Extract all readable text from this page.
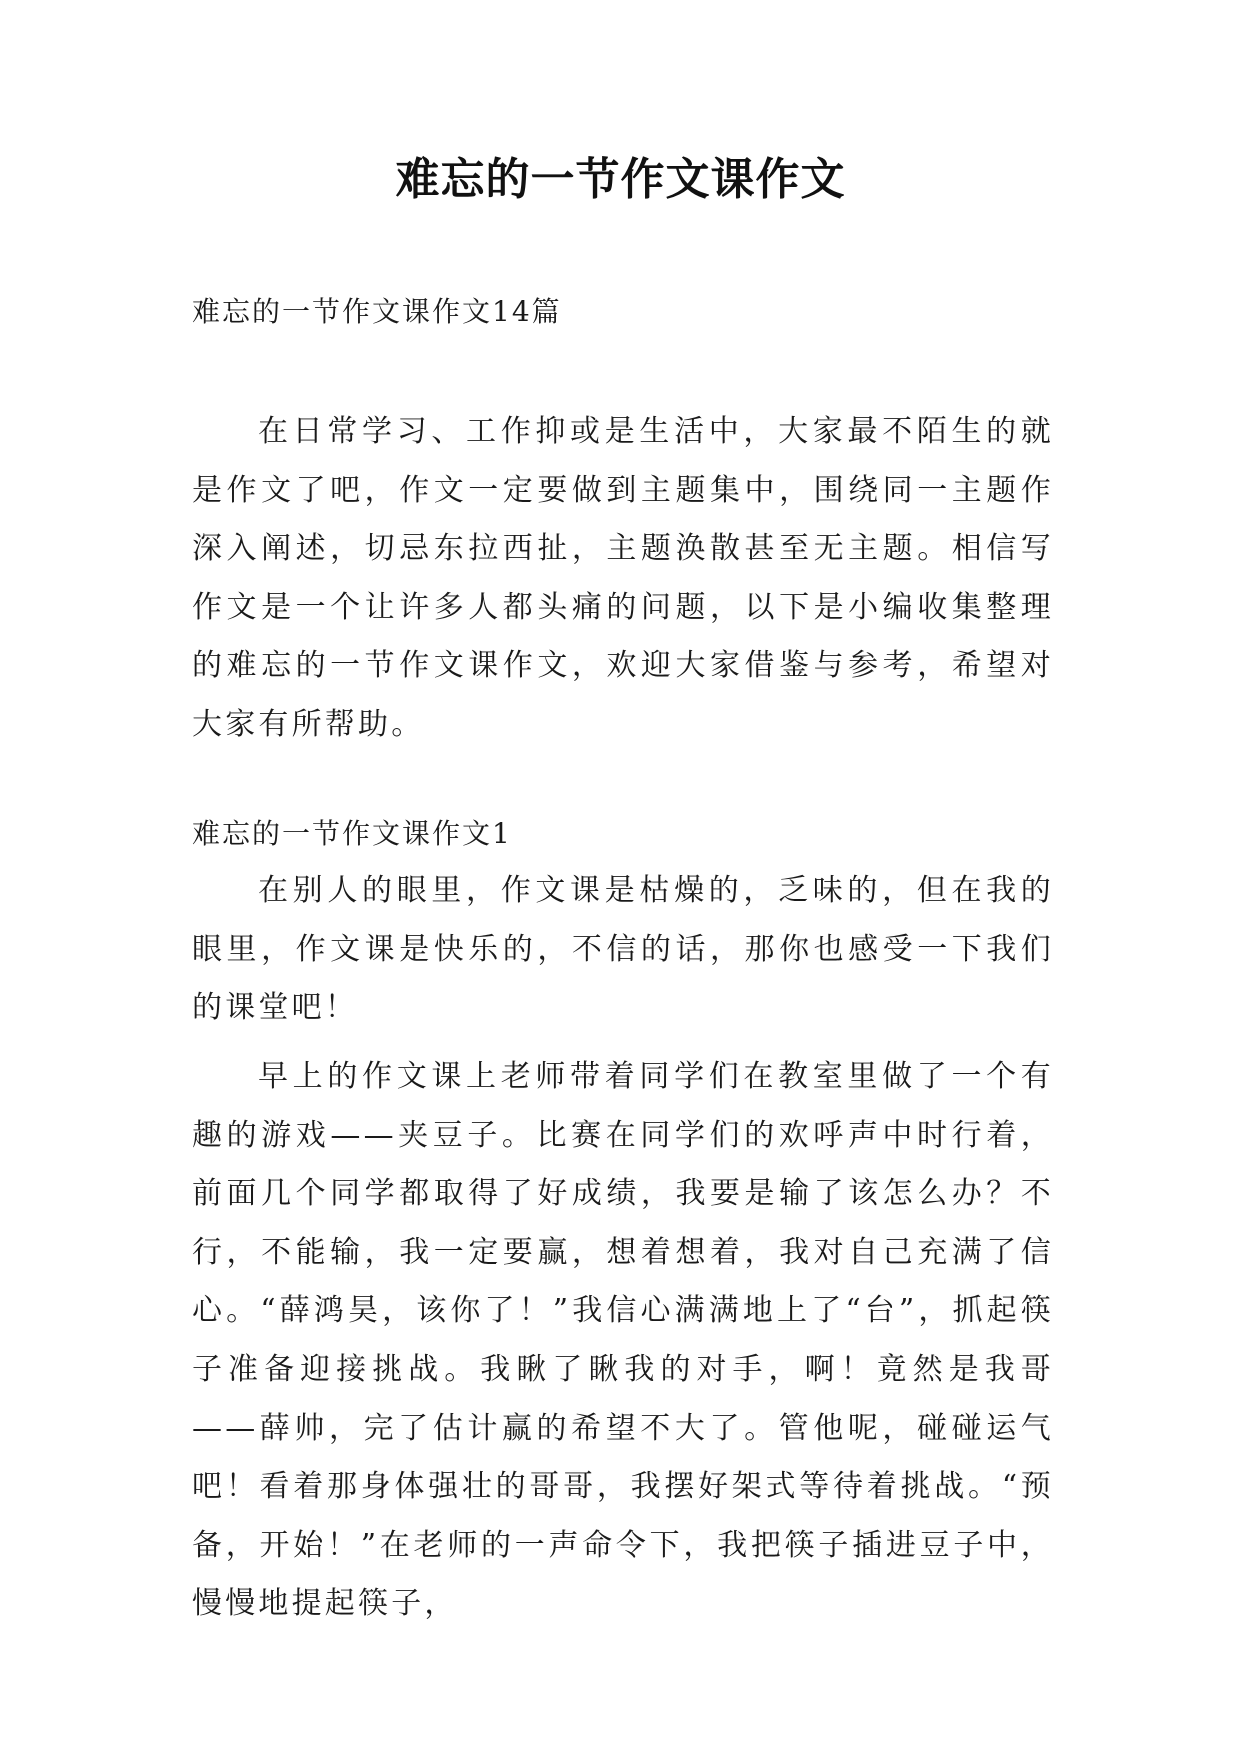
难忘的一节作文课作文
难忘的一节作文课作文14篇
在日常学习、工作抑或是生活中，大家最不陌生的就是作文了吧，作文一定要做到主题集中，围绕同一主题作深入阐述，切忌东拉西扯，主题涣散甚至无主题。相信写作文是一个让许多人都头痛的问题，以下是小编收集整理的难忘的一节作文课作文，欢迎大家借鉴与参考，希望对大家有所帮助。
难忘的一节作文课作文1
在别人的眼里，作文课是枯燥的，乏味的，但在我的眼里，作文课是快乐的，不信的话，那你也感受一下我们的课堂吧！
早上的作文课上老师带着同学们在教室里做了一个有趣的游戏——夹豆子。比赛在同学们的欢呼声中时行着，前面几个同学都取得了好成绩，我要是输了该怎么办？不行，不能输，我一定要赢，想着想着，我对自己充满了信心。“薛鸿昊，该你了！”我信心满满地上了“台”，抓起筷子准备迎接挑战。我瞅了瞅我的对手，啊！竟然是我哥——薛帅，完了估计赢的希望不大了。管他呢，碰碰运气吧！看着那身体强壮的哥哥，我摆好架式等待着挑战。“预备，开始！”在老师的一声命令下，我把筷子插进豆子中，慢慢地提起筷子，
